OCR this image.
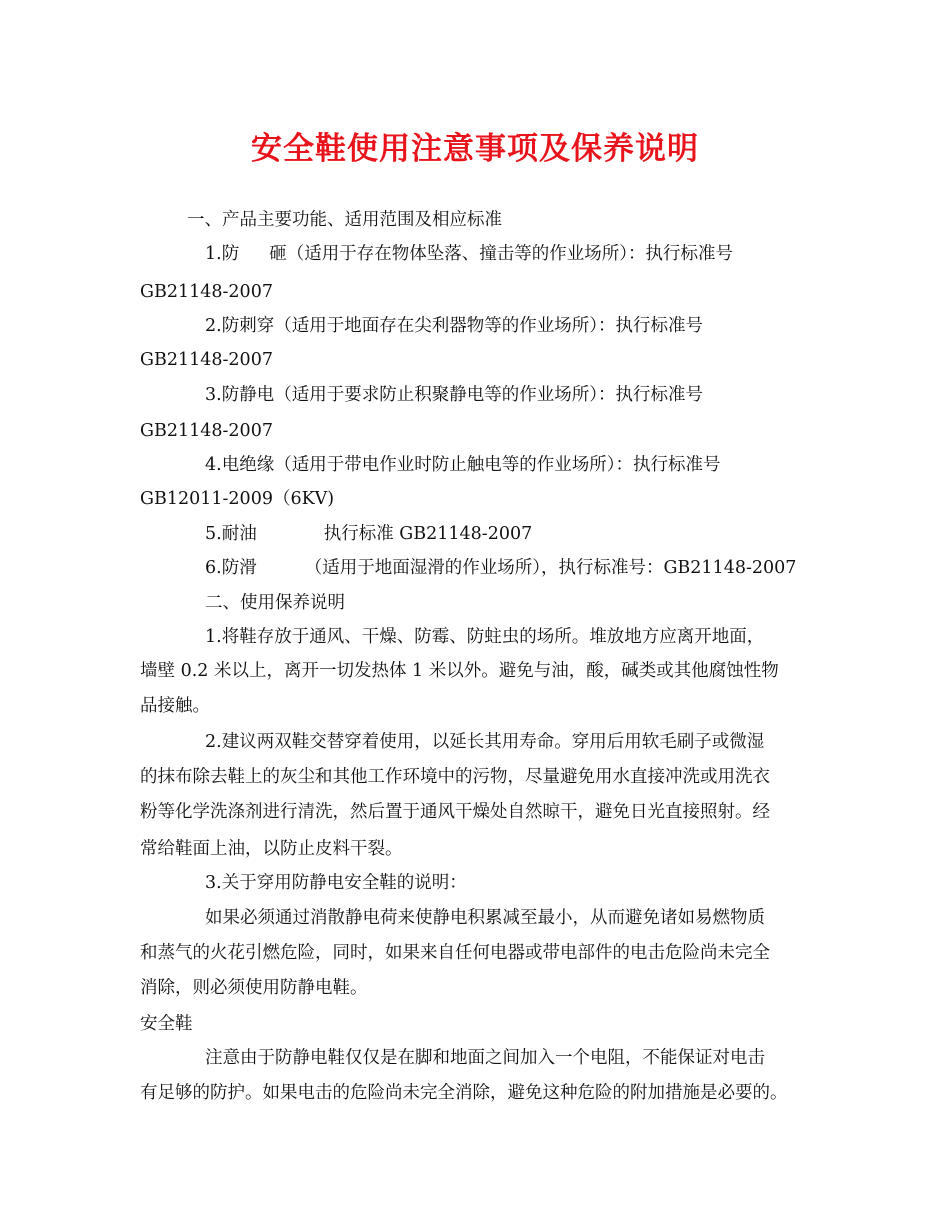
安全鞋使用注意事项及保养说明
一、产品主要功能、适用范围及相应标准
1.防 砸（适用于存在物体坠落、撞击等的作业场所）：执行标准号
GB21148-2007
2.防刺穿（适用于地面存在尖利器物等的作业场所）：执行标准号
GB21148-2007
3.防静电（适用于要求防止积聚静电等的作业场所）：执行标准号
GB21148-2007
4.电绝缘（适用于带电作业时防止触电等的作业场所）：执行标准号
GB12011-2009（6KV)
5.耐油	执行标准 GB21148-2007
6.防滑	（适用于地面湿滑的作业场所），执行标准号：GB21148-2007
二、使用保养说明
1.将鞋存放于通风、干燥、防霉、防蛀虫的场所。堆放地方应离开地面，
墙壁 0.2 米以上，离开一切发热体 1 米以外。避免与油，酸，碱类或其他腐蚀性物
品接触。
2.建议两双鞋交替穿着使用，以延长其用寿命。穿用后用软毛刷子或微湿
的抹布除去鞋上的灰尘和其他工作环境中的污物，尽量避免用水直接冲洗或用洗衣
粉等化学洗涤剂进行清洗，然后置于通风干燥处自然晾干，避免日光直接照射。经
常给鞋面上油，以防止皮料干裂。
3.关于穿用防静电安全鞋的说明：
如果必须通过消散静电荷来使静电积累减至最小，从而避免诸如易燃物质
和蒸气的火花引燃危险，同时，如果来自任何电器或带电部件的电击危险尚未完全
消除，则必须使用防静电鞋。
安全鞋
注意由于防静电鞋仅仅是在脚和地面之间加入一个电阻，不能保证对电击
有足够的防护。如果电击的危险尚未完全消除，避免这种危险的附加措施是必要的。
